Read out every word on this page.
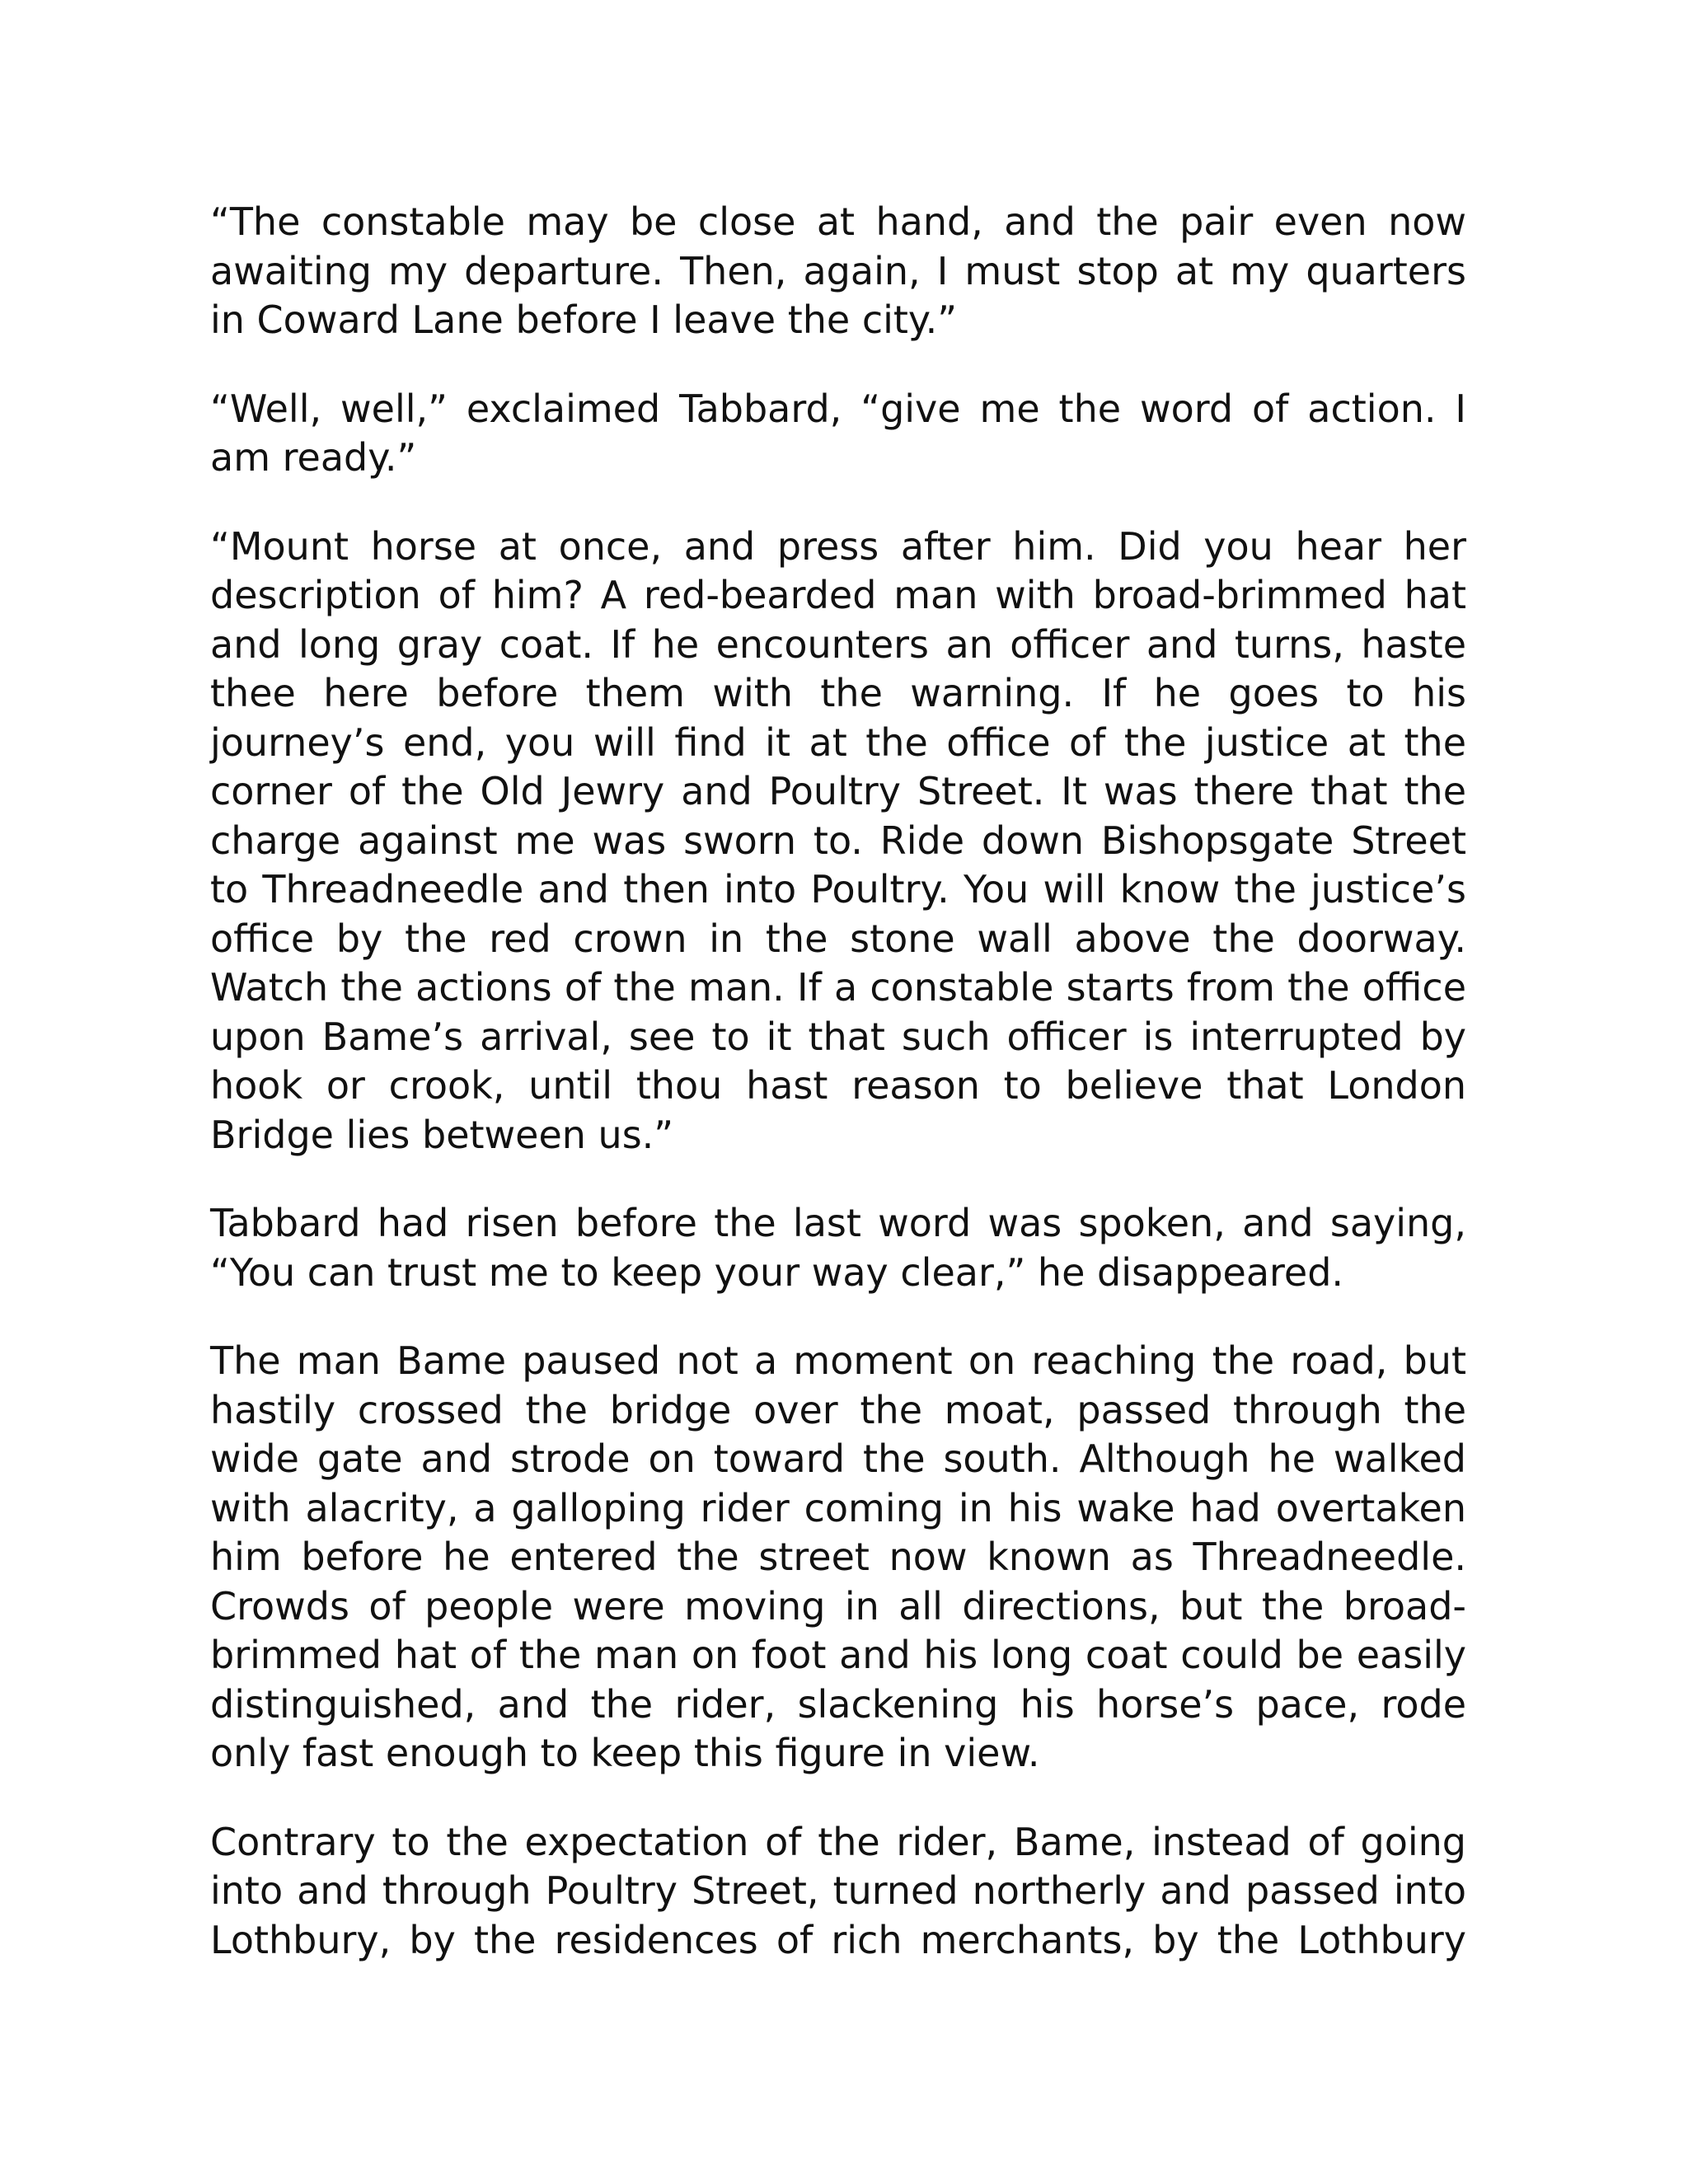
“The constable may be close at hand, and the pair even now awaiting my departure. Then, again, I must stop at my quarters in Coward Lane before I leave the city.”

“Well, well,” exclaimed Tabbard, “give me the word of action. I am ready.”

“Mount horse at once, and press after him. Did you hear her description of him? A red-bearded man with broad-brimmed hat and long gray coat. If he encounters an officer and turns, haste thee here before them with the warning. If he goes to his journey’s end, you will find it at the office of the justice at the corner of the Old Jewry and Poultry Street. It was there that the charge against me was sworn to. Ride down Bishopsgate Street to Threadneedle and then into Poultry. You will know the justice’s office by the red crown in the stone wall above the doorway. Watch the actions of the man. If a constable starts from the office upon Bame’s arrival, see to it that such officer is interrupted by hook or crook, until thou hast reason to believe that London Bridge lies between us.”

Tabbard had risen before the last word was spoken, and saying, “You can trust me to keep your way clear,” he disappeared.

The man Bame paused not a moment on reaching the road, but hastily crossed the bridge over the moat, passed through the wide gate and strode on toward the south. Although he walked with alacrity, a galloping rider coming in his wake had overtaken him before he entered the street now known as Threadneedle. Crowds of people were moving in all directions, but the broad-brimmed hat of the man on foot and his long coat could be easily distinguished, and the rider, slackening his horse’s pace, rode only fast enough to keep this figure in view.

Contrary to the expectation of the rider, Bame, instead of going into and through Poultry Street, turned northerly and passed into Lothbury, by the residences of rich merchants, by the Lothbury
